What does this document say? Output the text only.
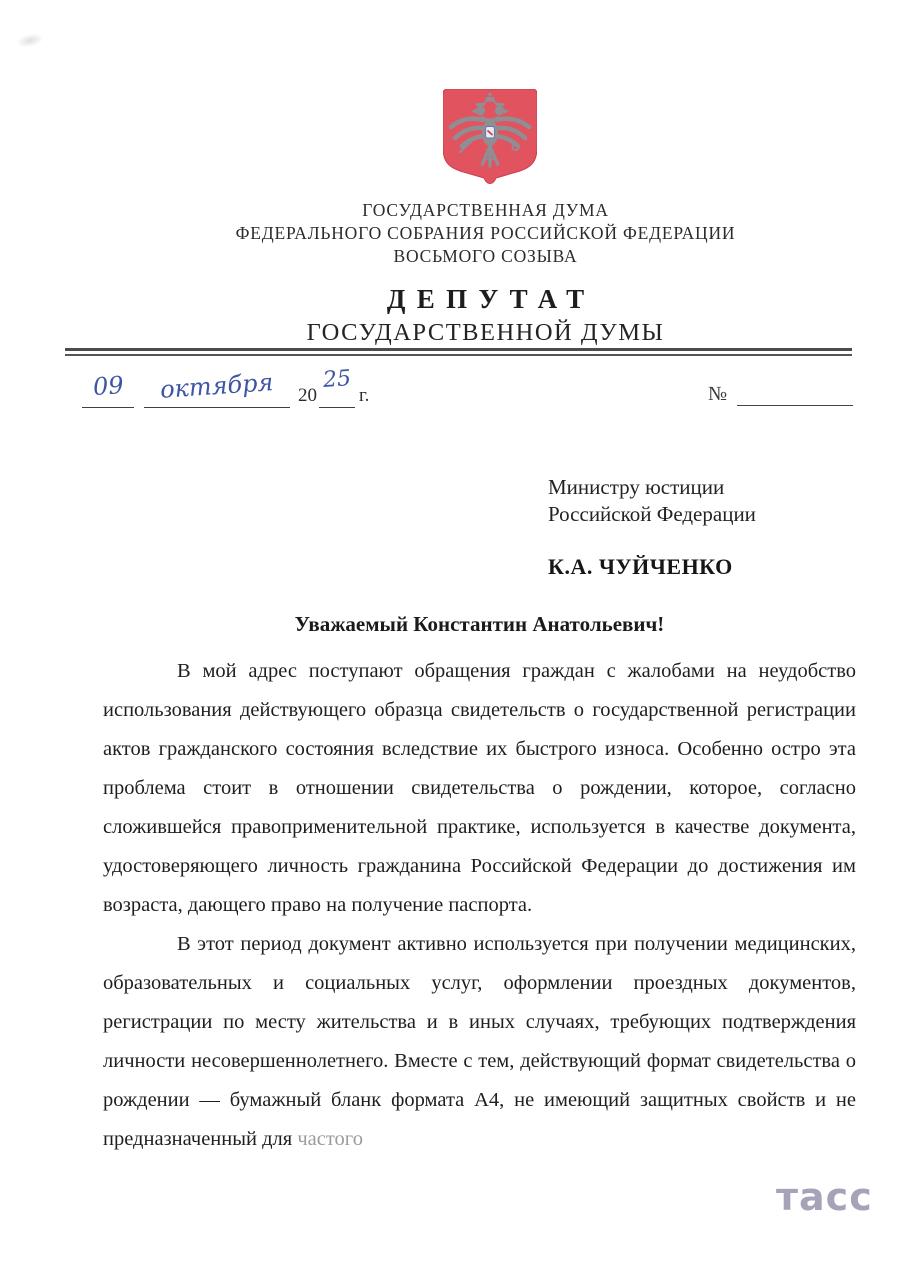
ГОСУДАРСТВЕННАЯ ДУМА
ФЕДЕРАЛЬНОГО СОБРАНИЯ РОССИЙСКОЙ ФЕДЕРАЦИИ
ВОСЬМОГО СОЗЫВА
ДЕПУТАТ
ГОСУДАРСТВЕННОЙ ДУМЫ
09	октября	20
25
г.	№
Министру юстиции
Российской Федерации
К.А. ЧУЙЧЕНКО
Уважаемый Константин Анатольевич!

В мой адрес поступают обращения граждан с жалобами на неудобство использования действующего образца свидетельств о государственной регистрации актов гражданского состояния вследствие их быстрого износа. Особенно остро эта проблема стоит в отношении свидетельства о рождении, которое, согласно сложившейся правоприменительной практике, используется в качестве документа, удостоверяющего личность гражданина Российской Федерации до достижения им возраста, дающего право на получение паспорта.

В этот период документ активно используется при получении медицинских, образовательных и социальных услуг, оформлении проездных документов, регистрации по месту жительства и в иных случаях, требующих подтверждения личности несовершеннолетнего. Вместе с тем, действующий формат свидетельства о рождении — бумажный бланк формата А4, не имеющий защитных свойств и не предназначенный для частого

тасс
